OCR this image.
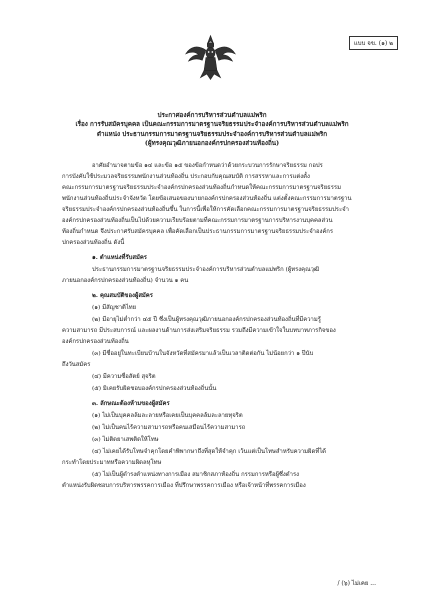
แบบ จข. (๑) ๒
ประกาศองค์การบริหารส่วนตำบลแม่พริก
เรื่อง การรับสมัครบุคคล เป็นคณะกรรมการมาตรฐานจริยธรรมประจำองค์การบริหารส่วนตำบลแม่พริก
ตำแหน่ง ประธานกรรมการมาตรฐานจริยธรรมประจำองค์การบริหารส่วนตำบลแม่พริก
(ผู้ทรงคุณวุฒิภายนอกองค์กรปกครองส่วนท้องถิ่น)
อาศัยอำนาจตามข้อ ๑๔ และข้อ ๑๕ ของข้อกำหนดว่าด้วยกระบวนการรักษาจริยธรรม กอปร
การบังคับใช้ประมวลจริยธรรมพนักงานส่วนท้องถิ่น ประกอบกับคุณสมบัติ การสรรหาและการแต่งตั้ง
คณะกรรมการมาตรฐานจริยธรรมประจำองค์กรปกครองส่วนท้องถิ่นกำหนดให้คณะกรรมการมาตรฐานจริยธรรม
พนักงานส่วนท้องถิ่นประจำจังหวัด โดยข้อเสนอของนายกองค์กรปกครองส่วนท้องถิ่น แต่งตั้งคณะกรรมการมาตรฐาน
จริยธรรมประจำองค์กรปกครองส่วนท้องถิ่นขึ้น ในการนี้เพื่อให้การคัดเลือกคณะกรรมการมาตรฐานจริยธรรมประจำ
องค์กรปกครองส่วนท้องถิ่นเป็นไปด้วยความเรียบร้อยตามที่คณะกรรมการมาตรฐานการบริหารงานบุคคลส่วน
ท้องถิ่นกำหนด จึงประกาศรับสมัครบุคคล เพื่อคัดเลือกเป็นประธานกรรมการมาตรฐานจริยธรรมประจำองค์กร
ปกครองส่วนท้องถิ่น ดังนี้
๑. ตำแหน่งที่รับสมัคร
ประธานกรรมการมาตรฐานจริยธรรมประจำองค์การบริหารส่วนตำบลแม่พริก (ผู้ทรงคุณวุฒิ
ภายนอกองค์กรปกครองส่วนท้องถิ่น) จำนวน ๑ คน
๒. คุณสมบัติของผู้สมัคร
(๑) มีสัญชาติไทย
(๒) มีอายุไม่ต่ำกว่า ๔๕ ปี ซึ่งเป็นผู้ทรงคุณวุฒิภายนอกองค์กรปกครองส่วนท้องถิ่นที่มีความรู้
ความสามารถ มีประสบการณ์ และผลงานด้านการส่งเสริมจริยธรรม รวมถึงมีความเข้าใจในบทบาทภารกิจของ
องค์กรปกครองส่วนท้องถิ่น
(๓) มีชื่ออยู่ในทะเบียนบ้านในจังหวัดที่สมัครมาแล้วเป็นเวลาติดต่อกัน ไม่น้อยกว่า ๑ ปีนับ
ถึงวันสมัคร
(๔) มีความซื่อสัตย์ สุจริต
(๕) มิเคยรับผิดชอบองค์กรปกครองส่วนท้องถิ่นนั้น
๓. ลักษณะต้องห้ามของผู้สมัคร
(๑) ไม่เป็นบุคคลล้มละลายหรือเคยเป็นบุคคลล้มละลายทุจริต
(๒) ไม่เป็นคนไร้ความสามารถหรือคนเสมือนไร้ความสามารถ
(๓) ไม่ติดยาเสพติดให้โทษ
(๔) ไม่เคยได้รับโทษจำคุกโดยคำพิพากษาถึงที่สุดให้จำคุก เว้นแต่เป็นโทษสำหรับความผิดที่ได้
กระทำโดยประมาทหรือความผิดลหุโทษ
(๕) ไม่เป็นผู้ดำรงตำแหน่งทางการเมือง สมาชิกสภาท้องถิ่น กรรมการหรือผู้ซึ่งดำรง
ตำแหน่งรับผิดชอบการบริหารพรรคการเมือง ที่ปรึกษาพรรคการเมือง หรือเจ้าหน้าที่พรรคการเมือง
/ (๖) ไม่เคย ...
